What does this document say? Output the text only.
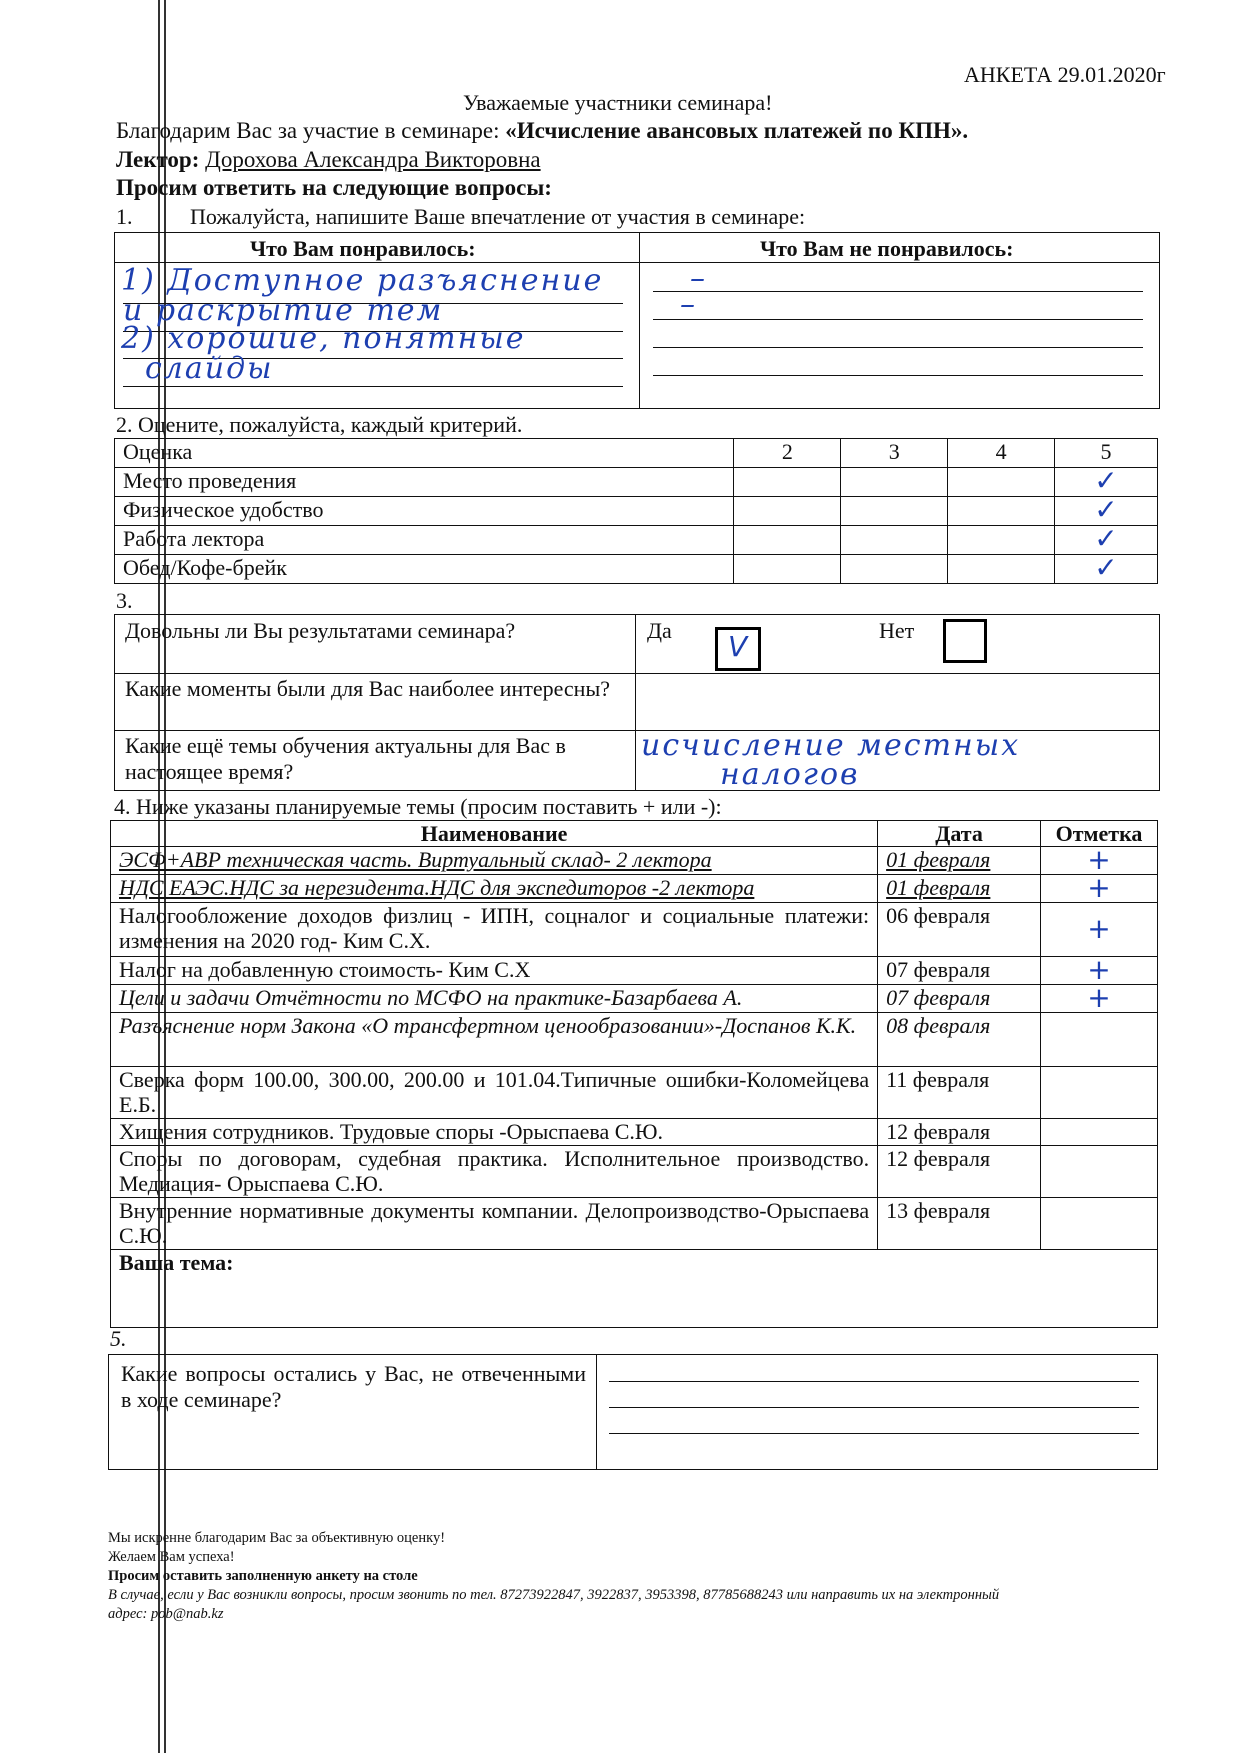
АНКЕТА 29.01.2020г
Уважаемые участники семинара!
Благодарим Вас за участие в семинаре: «Исчисление авансовых платежей по КПН».
Лектор: Дорохова Александра Викторовна
Просим ответить на следующие вопросы:
1.	Пожалуйста, напишите Ваше впечатление от участия в семинаре:
Что Вам понравилось:	Что Вам не понравилось:
1) Доступное разъяснение
и раскрытие тем
2) хорошие, понятные
слайды
–
–
2. Оцените, пожалуйста, каждый критерий.
Оценка	2	3	4	5
Место проведения				✓
Физическое удобство				✓
Работа лектора				✓
Обед/Кофе-брейк				✓
3.
Довольны ли Вы результатами семинара?	Да V	Нет
Какие моменты были для Вас наиболее интересны?
Какие ещё темы обучения актуальны для Вас в настоящее время?
исчисление местных
налогов
4. Ниже указаны планируемые темы (просим поставить + или -):
Наименование	Дата	Отметка
ЭСФ+АВР техническая часть. Виртуальный склад- 2 лектора	01 февраля	+
НДС ЕАЭС.НДС за нерезидента.НДС для экспедиторов -2 лектора	01 февраля	+
Налогообложение доходов физлиц - ИПН, соцналог и социальные платежи: изменения на 2020 год- Ким С.Х.	06 февраля	+
Налог на добавленную стоимость- Ким С.Х	07 февраля	+
Цели и задачи Отчётности по МСФО на практике-Базарбаева А.	07 февраля	+
Разъяснение норм Закона «О трансфертном ценообразовании»-Доспанов К.К.	08 февраля	
Сверка форм 100.00, 300.00, 200.00 и 101.04.Типичные ошибки-Коломейцева Е.Б.	11 февраля	
Хищения сотрудников. Трудовые споры -Орыспаева С.Ю.	12 февраля	
Споры по договорам, судебная практика. Исполнительное производство. Медиация- Орыспаева С.Ю.	12 февраля	
Внутренние нормативные документы компании. Делопроизводство-Орыспаева С.Ю.	13 февраля	
Ваша тема:		
5.
Какие вопросы остались у Вас, не отвеченными в ходе семинаре?
Мы искренне благодарим Вас за объективную оценку!
Желаем Вам успеха!
Просим оставить заполненную анкету на столе
В случае, если у Вас возникли вопросы, просим звонить по тел. 87273922847, 3922837, 3953398, 87785688243 или направить их на электронный
адрес: pob@nab.kz
